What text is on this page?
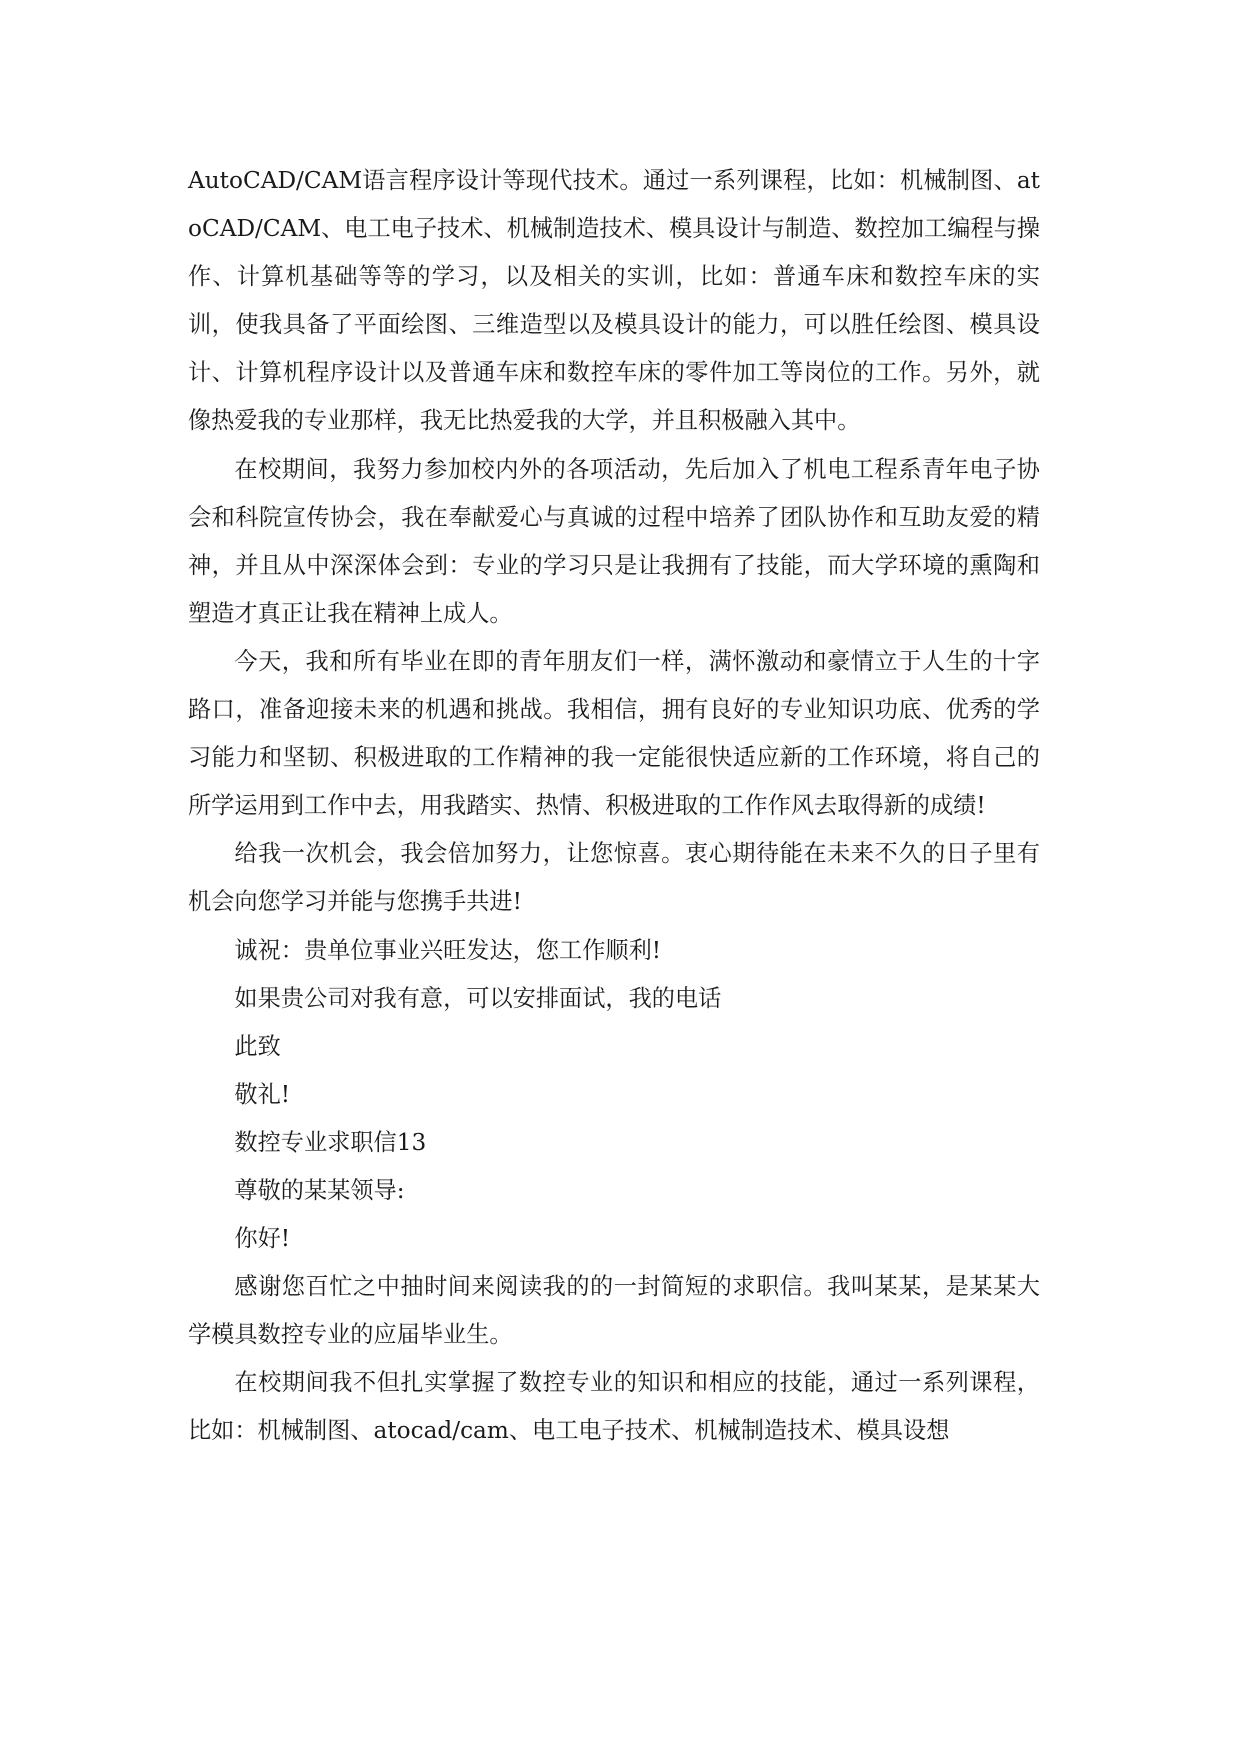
AutoCAD/CAM语言程序设计等现代技术。通过一系列课程，比如：机械制图、atoCAD/CAM、电工电子技术、机械制造技术、模具设计与制造、数控加工编程与操作、计算机基础等等的学习，以及相关的实训，比如：普通车床和数控车床的实训，使我具备了平面绘图、三维造型以及模具设计的能力，可以胜任绘图、模具设计、计算机程序设计以及普通车床和数控车床的零件加工等岗位的工作。另外，就像热爱我的专业那样，我无比热爱我的大学，并且积极融入其中。

在校期间，我努力参加校内外的各项活动，先后加入了机电工程系青年电子协会和科院宣传协会，我在奉献爱心与真诚的过程中培养了团队协作和互助友爱的精神，并且从中深深体会到：专业的学习只是让我拥有了技能，而大学环境的熏陶和塑造才真正让我在精神上成人。

今天，我和所有毕业在即的青年朋友们一样，满怀激动和豪情立于人生的十字路口，准备迎接未来的机遇和挑战。我相信，拥有良好的专业知识功底、优秀的学习能力和坚韧、积极进取的工作精神的我一定能很快适应新的工作环境，将自己的所学运用到工作中去，用我踏实、热情、积极进取的工作作风去取得新的成绩!

给我一次机会，我会倍加努力，让您惊喜。衷心期待能在未来不久的日子里有机会向您学习并能与您携手共进!

诚祝：贵单位事业兴旺发达，您工作顺利!

如果贵公司对我有意，可以安排面试，我的电话

此致

敬礼!

数控专业求职信13

尊敬的某某领导:

你好!

感谢您百忙之中抽时间来阅读我的的一封简短的求职信。我叫某某，是某某大学模具数控专业的应届毕业生。

在校期间我不但扎实掌握了数控专业的知识和相应的技能，通过一系列课程，比如：机械制图、atocad/cam、电工电子技术、机械制造技术、模具设想
